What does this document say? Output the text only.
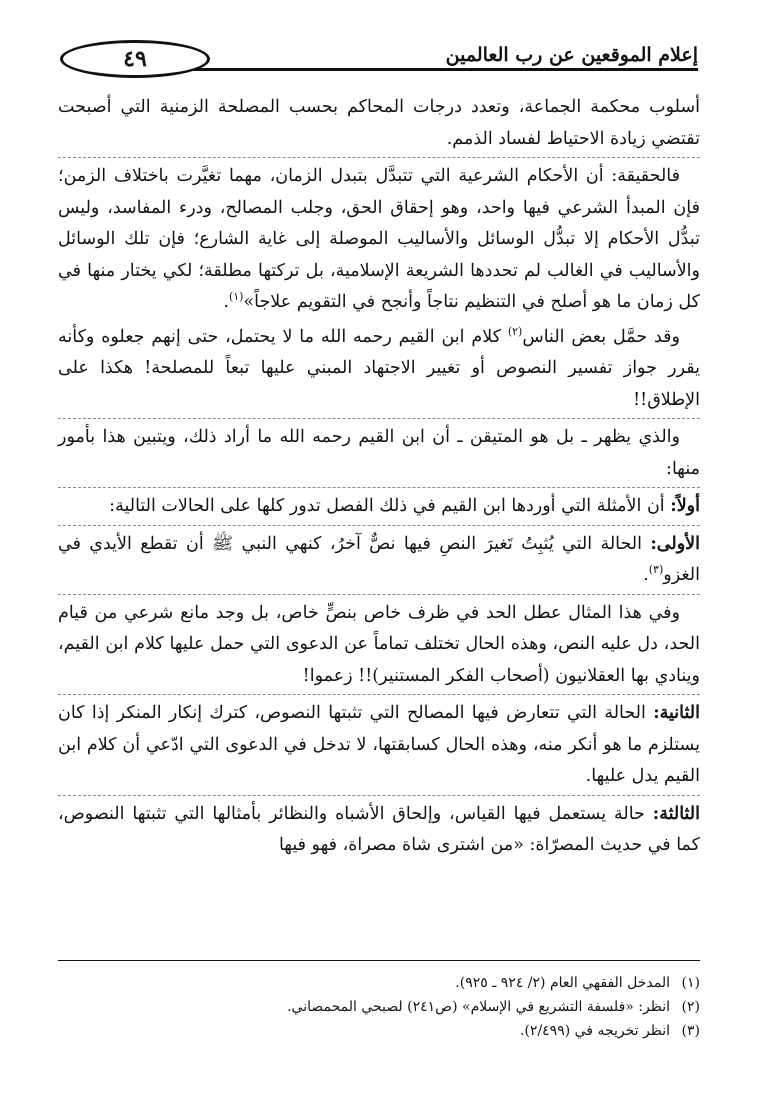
إعلام الموقعين عن رب العالمين
٤٩

أسلوب محكمة الجماعة، وتعدد درجات المحاكم بحسب المصلحة الزمنية التي أصبحت تقتضي زيادة الاحتياط لفساد الذمم.

فالحقيقة: أن الأحكام الشرعية التي تتبدَّل بتبدل الزمان، مهما تغيَّرت باختلاف الزمن؛ فإن المبدأ الشرعي فيها واحد، وهو إحقاق الحق، وجلب المصالح، ودرء المفاسد، وليس تبدُّل الأحكام إلا تبدُّل الوسائل والأساليب الموصلة إلى غاية الشارع؛ فإن تلك الوسائل والأساليب في الغالب لم تحددها الشريعة الإسلامية، بل تركتها مطلقة؛ لكي يختار منها في كل زمان ما هو أصلح في التنظيم نتاجاً وأنجح في التقويم علاجاً»$^{(١)}$.

وقد حمَّل بعض الناس$^{(٢)}$ كلام ابن القيم رحمه الله ما لا يحتمل، حتى إنهم جعلوه وكأنه يقرر جواز تفسير النصوص أو تغيير الاجتهاد المبني عليها تبعاً للمصلحة! هكذا على الإطلاق!!

والذي يظهر ـ بل هو المتيقن ـ أن ابن القيم رحمه الله ما أراد ذلك، ويتبين هذا بأمور منها:

أولاً: أن الأمثلة التي أوردها ابن القيم في ذلك الفصل تدور كلها على الحالات التالية:

الأولى: الحالة التي يُثبِتُ تَغيرَ النصِ فيها نصٌّ آخرُ، كنهي النبي ﷺ أن تقطع الأيدي في الغزو$^{(٣)}$.

وفي هذا المثال عطل الحد في ظرف خاص بنصٍّ خاص، بل وجد مانع شرعي من قيام الحد، دل عليه النص، وهذه الحال تختلف تماماً عن الدعوى التي حمل عليها كلام ابن القيم، وينادي بها العقلانيون (أصحاب الفكر المستنير)!! زعموا!

الثانية: الحالة التي تتعارض فيها المصالح التي تثبتها النصوص، كترك إنكار المنكر إذا كان يستلزم ما هو أنكر منه، وهذه الحال كسابقتها، لا تدخل في الدعوى التي ادّعي أن كلام ابن القيم يدل عليها.

الثالثة: حالة يستعمل فيها القياس، وإلحاق الأشباه والنظائر بأمثالها التي تثبتها النصوص، كما في حديث المصرّاة: «من اشترى شاة مصراة، فهو فيها

(١)المدخل الفقهي العام (٢/ ٩٢٤ ـ ٩٢٥).
(٢)انظر: «فلسفة التشريع في الإسلام» (ص٢٤١) لصبحي المحمصاني.
(٣)انظر تخريجه في (٢/٤٩٩).
